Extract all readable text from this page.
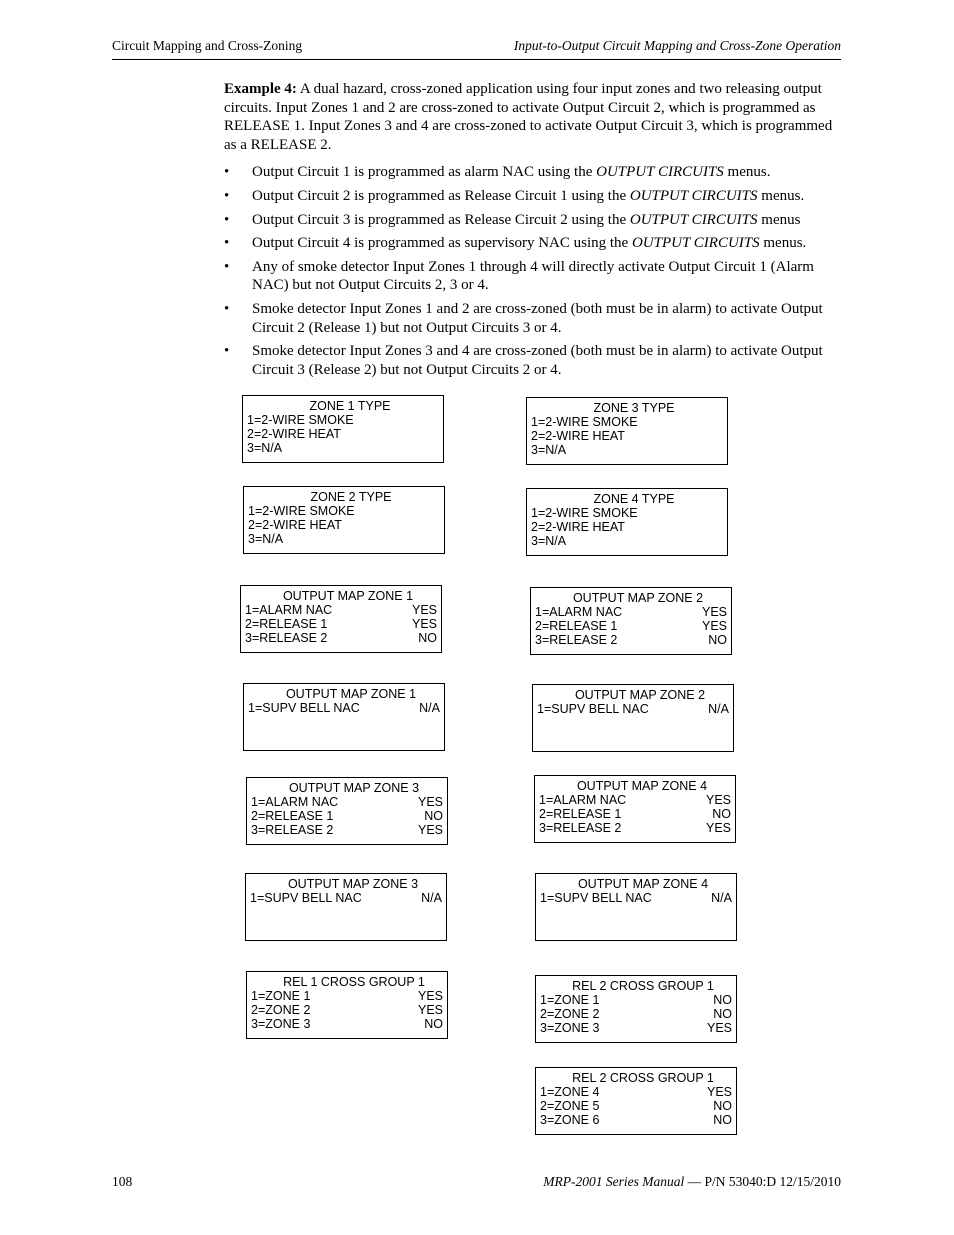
Circuit Mapping and Cross-Zoning	Input-to-Output Circuit Mapping and Cross-Zone Operation

Example 4: A dual hazard, cross-zoned application using four input zones and two releasing output circuits. Input Zones 1 and 2 are cross-zoned to activate Output Circuit 2, which is programmed as RELEASE 1. Input Zones 3 and 4 are cross-zoned to activate Output Circuit 3, which is programmed as a RELEASE 2.

• Output Circuit 1 is programmed as alarm NAC using the OUTPUT CIRCUITS menus.
• Output Circuit 2 is programmed as Release Circuit 1 using the OUTPUT CIRCUITS menus.
• Output Circuit 3 is programmed as Release Circuit 2 using the OUTPUT CIRCUITS menus
• Output Circuit 4 is programmed as supervisory NAC using the OUTPUT CIRCUITS menus.
• Any of smoke detector Input Zones 1 through 4 will directly activate Output Circuit 1 (Alarm NAC) but not Output Circuits 2, 3 or 4.
• Smoke detector Input Zones 1 and 2 are cross-zoned (both must be in alarm) to activate Output Circuit 2 (Release 1) but not Output Circuits 3 or 4.
• Smoke detector Input Zones 3 and 4 are cross-zoned (both must be in alarm) to activate Output Circuit 3 (Release 2) but not Output Circuits 2 or 4.
ZONE 1 TYPE
1=2-WIRE SMOKE
2=2-WIRE HEAT
3=N/A
ZONE 3 TYPE
1=2-WIRE SMOKE
2=2-WIRE HEAT
3=N/A
ZONE 2 TYPE
1=2-WIRE SMOKE
2=2-WIRE HEAT
3=N/A
ZONE 4 TYPE
1=2-WIRE SMOKE
2=2-WIRE HEAT
3=N/A
OUTPUT MAP ZONE 1
1=ALARM NAC	YES
2=RELEASE 1	YES
3=RELEASE 2	NO
OUTPUT MAP ZONE 2
1=ALARM NAC	YES
2=RELEASE 1	YES
3=RELEASE 2	NO
OUTPUT MAP ZONE 1
1=SUPV BELL NAC	N/A
OUTPUT MAP ZONE 2
1=SUPV BELL NAC	N/A
OUTPUT MAP ZONE 3
1=ALARM NAC	YES
2=RELEASE 1	NO
3=RELEASE 2	YES
OUTPUT MAP ZONE 4
1=ALARM NAC	YES
2=RELEASE 1	NO
3=RELEASE 2	YES
OUTPUT MAP ZONE 3
1=SUPV BELL NAC	N/A
OUTPUT MAP ZONE 4
1=SUPV BELL NAC	N/A
REL 1 CROSS GROUP 1
1=ZONE 1	YES
2=ZONE 2	YES
3=ZONE 3	NO
REL 2 CROSS GROUP 1
1=ZONE 1	NO
2=ZONE 2	NO
3=ZONE 3	YES
REL 2 CROSS GROUP 1
1=ZONE 4	YES
2=ZONE 5	NO
3=ZONE 6	NO
108	MRP-2001 Series Manual — P/N 53040:D 12/15/2010
